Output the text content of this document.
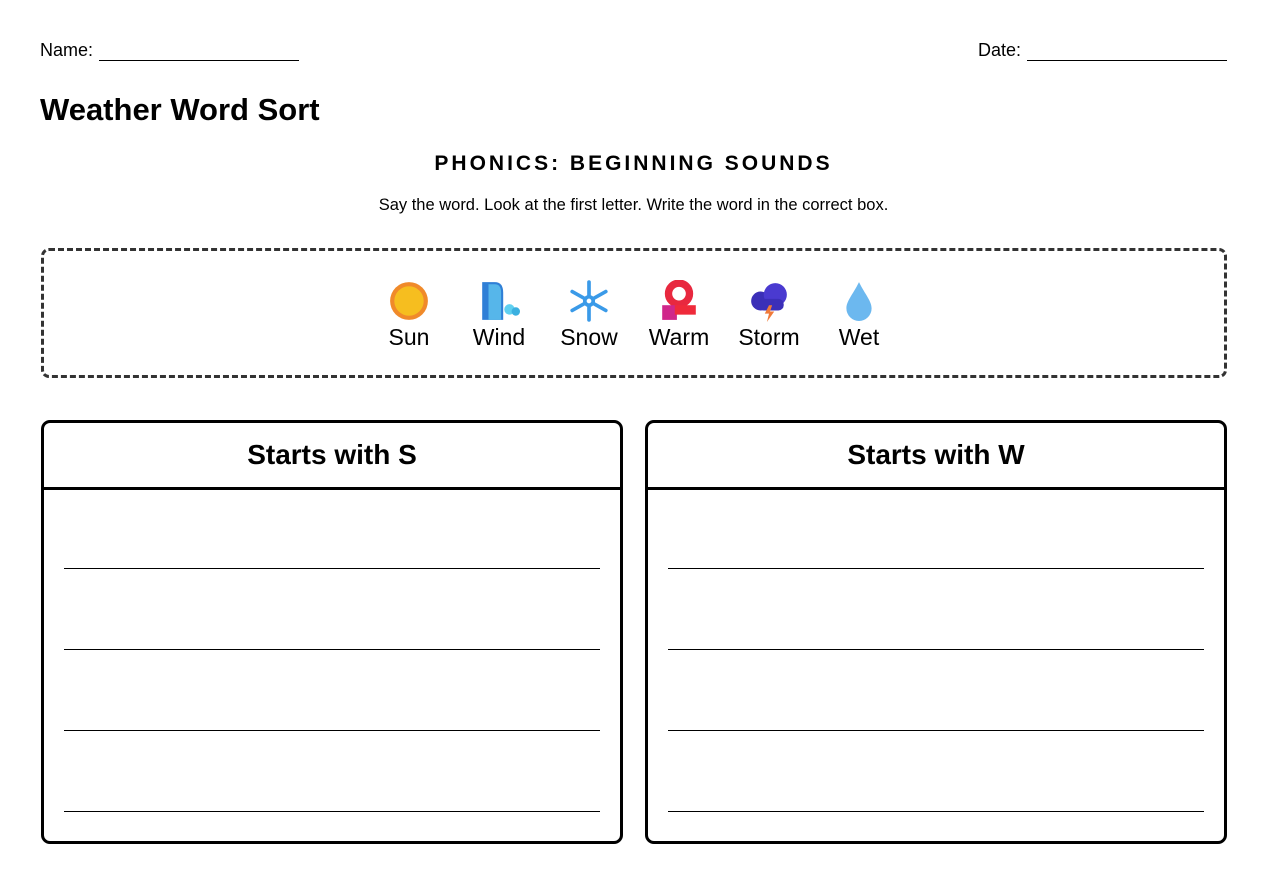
Name:	Date:
Weather Word Sort
PHONICS: BEGINNING SOUNDS
Say the word. Look at the first letter. Write the word in the correct box.
Sun Wind Snow Warm Storm Wet
Starts with S	Starts with W
